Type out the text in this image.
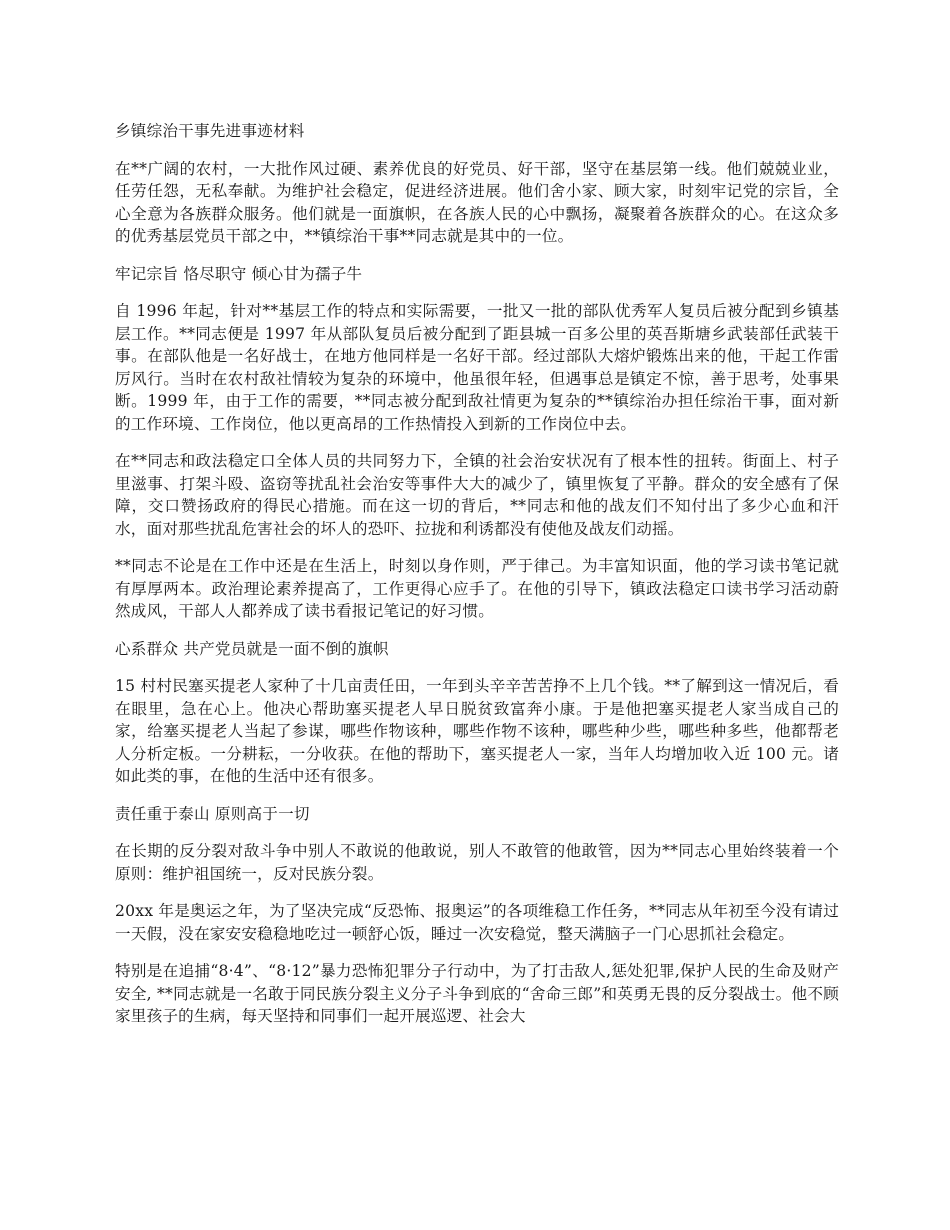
乡镇综治干事先进事迹材料

在**广阔的农村，一大批作风过硬、素养优良的好党员、好干部，坚守在基层第一线。他们兢兢业业，任劳任怨，无私奉献。为维护社会稳定，促进经济进展。他们舍小家、顾大家，时刻牢记党的宗旨，全心全意为各族群众服务。他们就是一面旗帜，在各族人民的心中飘扬，凝聚着各族群众的心。在这众多的优秀基层党员干部之中，**镇综治干事**同志就是其中的一位。

牢记宗旨 恪尽职守 倾心甘为孺子牛

自 1996 年起，针对**基层工作的特点和实际需要，一批又一批的部队优秀军人复员后被分配到乡镇基层工作。**同志便是 1997 年从部队复员后被分配到了距县城一百多公里的英吾斯塘乡武装部任武装干事。在部队他是一名好战士，在地方他同样是一名好干部。经过部队大熔炉锻炼出来的他，干起工作雷厉风行。当时在农村敌社情较为复杂的环境中，他虽很年轻，但遇事总是镇定不惊，善于思考，处事果断。1999 年，由于工作的需要，**同志被分配到敌社情更为复杂的**镇综治办担任综治干事，面对新的工作环境、工作岗位，他以更高昂的工作热情投入到新的工作岗位中去。

在**同志和政法稳定口全体人员的共同努力下，全镇的社会治安状况有了根本性的扭转。街面上、村子里滋事、打架斗殴、盗窃等扰乱社会治安等事件大大的减少了，镇里恢复了平静。群众的安全感有了保障，交口赞扬政府的得民心措施。而在这一切的背后，**同志和他的战友们不知付出了多少心血和汗水，面对那些扰乱危害社会的坏人的恐吓、拉拢和利诱都没有使他及战友们动摇。

**同志不论是在工作中还是在生活上，时刻以身作则，严于律己。为丰富知识面，他的学习读书笔记就有厚厚两本。政治理论素养提高了，工作更得心应手了。在他的引导下，镇政法稳定口读书学习活动蔚然成风，干部人人都养成了读书看报记笔记的好习惯。

心系群众 共产党员就是一面不倒的旗帜

15 村村民塞买提老人家种了十几亩责任田，一年到头辛辛苦苦挣不上几个钱。**了解到这一情况后，看在眼里，急在心上。他决心帮助塞买提老人早日脱贫致富奔小康。于是他把塞买提老人家当成自己的家，给塞买提老人当起了参谋，哪些作物该种，哪些作物不该种，哪些种少些，哪些种多些，他都帮老人分析定板。一分耕耘，一分收获。在他的帮助下，塞买提老人一家，当年人均增加收入近 100 元。诸如此类的事，在他的生活中还有很多。

责任重于泰山 原则高于一切

在长期的反分裂对敌斗争中别人不敢说的他敢说，别人不敢管的他敢管，因为**同志心里始终装着一个原则：维护祖国统一，反对民族分裂。

20xx 年是奥运之年，为了坚决完成“反恐怖、报奥运”的各项维稳工作任务，**同志从年初至今没有请过一天假，没在家安安稳稳地吃过一顿舒心饭，睡过一次安稳觉，整天满脑子一门心思抓社会稳定。

特别是在追捕“8·4”、“8·12”暴力恐怖犯罪分子行动中，为了打击敌人,惩处犯罪,保护人民的生命及财产安全, **同志就是一名敢于同民族分裂主义分子斗争到底的“舍命三郎”和英勇无畏的反分裂战士。他不顾家里孩子的生病，每天坚持和同事们一起开展巡逻、社会大
